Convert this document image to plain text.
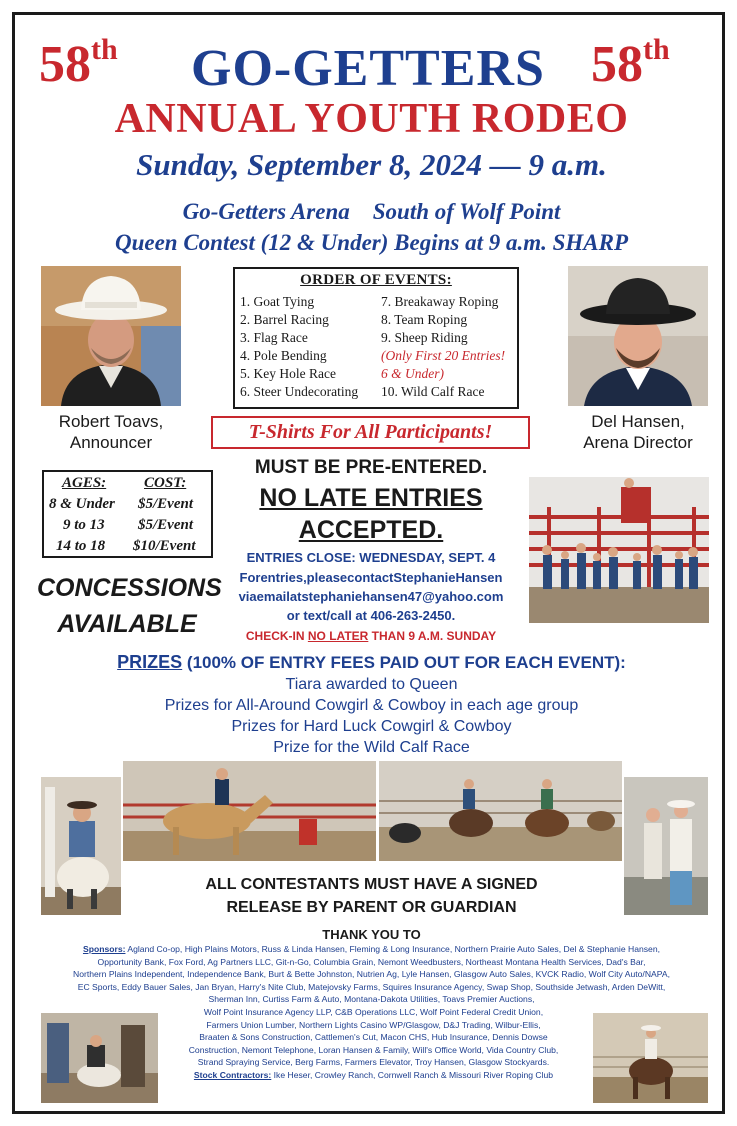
58th GO-GETTERS 58th
ANNUAL YOUTH RODEO
Sunday, September 8, 2024 — 9 a.m.
Go-Getters Arena    South of Wolf Point
Queen Contest (12 & Under) Begins at 9 a.m. SHARP
Robert Toavs,
Announcer
ORDER OF EVENTS:
1. Goat Tying
2. Barrel Racing
3. Flag Race
4. Pole Bending
5. Key Hole Race
6. Steer Undecorating
7. Breakaway Roping
8. Team Roping
9. Sheep Riding
(Only First 20 Entries!
6 & Under)
10. Wild Calf Race
Del Hansen,
Arena Director
T-Shirts For All Participants!
AGES:	COST:
8 & Under $5/Event
9 to 13 $5/Event
14 to 18 $10/Event
CONCESSIONS
AVAILABLE
MUST BE PRE-ENTERED.
NO LATE ENTRIES
ACCEPTED.
ENTRIES CLOSE: WEDNESDAY, SEPT. 4
Forentries,pleasecontactStephanieHansen
viaemailatstephaniehansen47@yahoo.com
or text/call at 406-263-2450.
CHECK-IN NO LATER THAN 9 A.M. SUNDAY
PRIZES (100% OF ENTRY FEES PAID OUT FOR EACH EVENT):
Tiara awarded to Queen
Prizes for All-Around Cowgirl & Cowboy in each age group
Prizes for Hard Luck Cowgirl & Cowboy
Prize for the Wild Calf Race
ALL CONTESTANTS MUST HAVE A SIGNED
RELEASE BY PARENT OR GUARDIAN
THANK YOU TO
Sponsors: Agland Co-op, High Plains Motors, Russ & Linda Hansen, Fleming & Long Insurance, Northern Prairie Auto Sales, Del & Stephanie Hansen,
Opportunity Bank, Fox Ford, Ag Partners LLC, Git-n-Go, Columbia Grain, Nemont Weedbusters, Northeast Montana Health Services, Dad's Bar,
Northern Plains Independent, Independence Bank, Burt & Bette Johnston, Nutrien Ag, Lyle Hansen, Glasgow Auto Sales, KVCK Radio, Wolf City Auto/NAPA,
EC Sports, Eddy Bauer Sales, Jan Bryan, Harry's Nite Club, Matejovsky Farms, Squires Insurance Agency, Swap Shop, Southside Jetwash, Arden DeWitt,
Sherman Inn, Curtiss Farm & Auto, Montana-Dakota Utilities, Toavs Premier Auctions,
Wolf Point Insurance Agency LLP, C&B Operations LLC, Wolf Point Federal Credit Union,
Farmers Union Lumber, Northern Lights Casino WP/Glasgow, D&J Trading, Wilbur-Ellis,
Braaten & Sons Construction, Cattlemen's Cut, Macon CHS, Hub Insurance, Dennis Dowse
Construction, Nemont Telephone, Loran Hansen & Family, Will's Office World, Vida Country Club,
Strand Spraying Service, Berg Farms, Farmers Elevator, Troy Hansen, Glasgow Stockyards.
Stock Contractors: Ike Heser, Crowley Ranch, Cornwell Ranch & Missouri River Roping Club
